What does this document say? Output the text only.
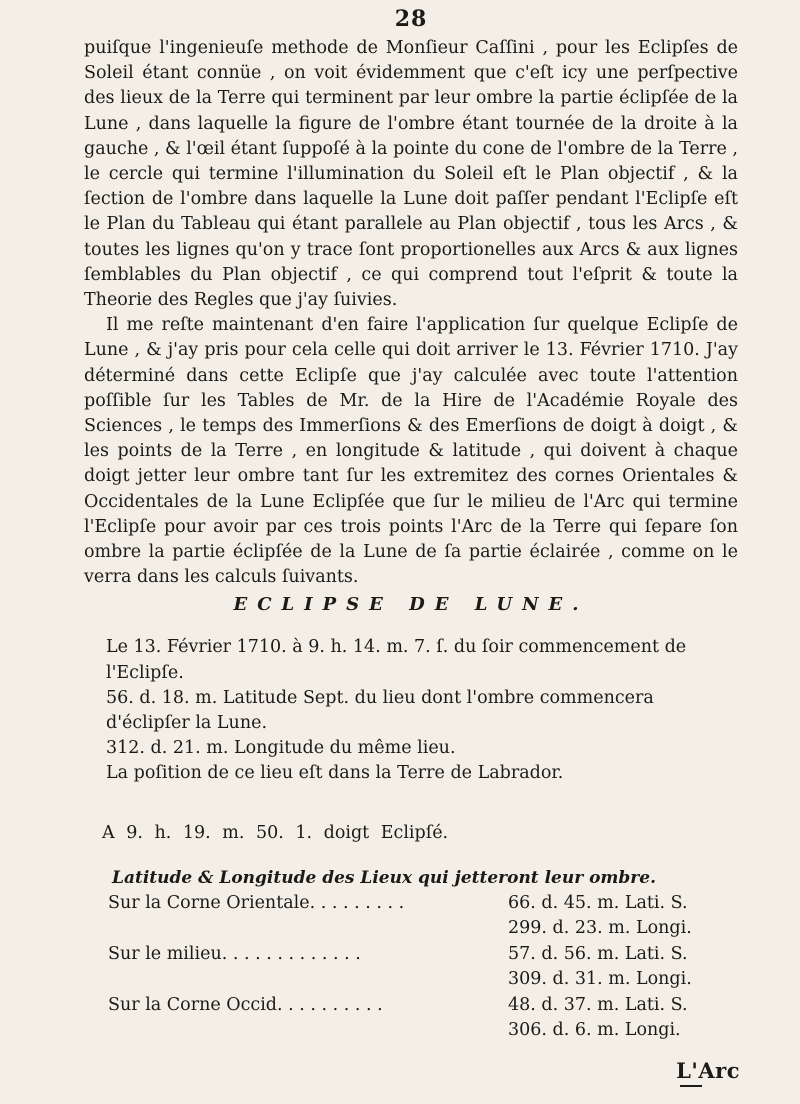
28

puiſque l'ingenieuſe methode de Monſieur Caſſini , pour les Eclipſes de Soleil étant connüe , on voit évidemment que c'eſt icy une perſpective des lieux de la Terre qui terminent par leur ombre la partie éclipſée de la Lune , dans laquelle la figure de l'ombre étant tournée de la droite à la gauche , & l'œil étant ſuppoſé à la pointe du cone de l'ombre de la Terre , le cercle qui termine l'illumination du Soleil eſt le Plan objectif , & la ſection de l'ombre dans laquelle la Lune doit paſſer pendant l'Eclipſe eſt le Plan du Tableau qui étant parallele au Plan objectif , tous les Arcs , & toutes les lignes qu'on y trace ſont proportionelles aux Arcs & aux lignes ſemblables du Plan objectif , ce qui comprend tout l'eſprit & toute la Theorie des Regles que j'ay ſuivies.

Il me reſte maintenant d'en faire l'application ſur quelque Eclipſe de Lune , & j'ay pris pour cela celle qui doit arriver le 13. Février 1710. J'ay déterminé dans cette Eclipſe que j'ay calculée avec toute l'attention poſſible ſur les Tables de Mr. de la Hire de l'Académie Royale des Sciences , le temps des Immerſions & des Emerſions de doigt à doigt , & les points de la Terre , en longitude & latitude , qui doivent à chaque doigt jetter leur ombre tant ſur les extremitez des cornes Orientales & Occidentales de la Lune Eclipſée que ſur le milieu de l'Arc qui termine l'Eclipſe pour avoir par ces trois points l'Arc de la Terre qui ſepare ſon ombre la partie éclipſée de la Lune de ſa partie éclairée , comme on le verra dans les calculs ſuivants.

ECLIPSE DE LUNE.

Le 13. Février 1710. à 9. h. 14. m. 7. ſ. du ſoir commencement de l'Eclipſe.

56. d. 18. m. Latitude Sept. du lieu dont l'ombre commencera d'éclipſer la Lune.

312. d. 21. m. Longitude du même lieu.

La poſition de ce lieu eſt dans la Terre de Labrador.

A 9. h. 19. m. 50. 1. doigt Eclipſé.
Latitude & Longitude des Lieux qui jetteront leur ombre.
Sur la Corne Orientale. . . . . . . . .	66. d. 45. m. Lati. S.
299. d. 23. m. Longi.
Sur le milieu. . . . . . . . . . . . .	57. d. 56. m. Lati. S.
309. d. 31. m. Longi.
Sur la Corne Occid. . . . . . . . . .	48. d. 37. m. Lati. S.
306. d. 6. m. Longi.
L'Arc
